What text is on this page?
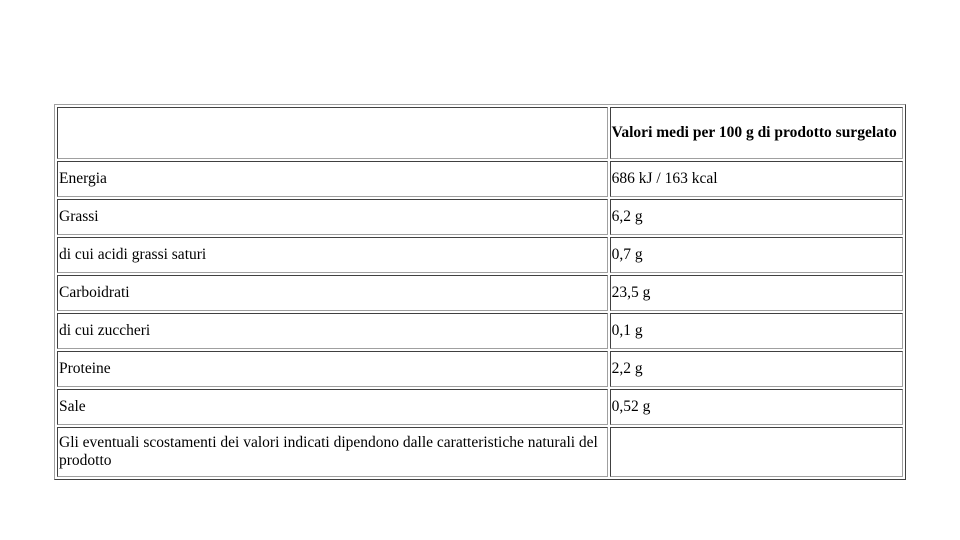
	Valori medi per 100 g di prodotto surgelato
Energia	686 kJ / 163 kcal
Grassi	6,2 g
di cui acidi grassi saturi	0,7 g
Carboidrati	23,5 g
di cui zuccheri	0,1 g
Proteine	2,2 g
Sale	0,52 g
Gli eventuali scostamenti dei valori indicati dipendono dalle caratteristiche naturali del prodotto	
